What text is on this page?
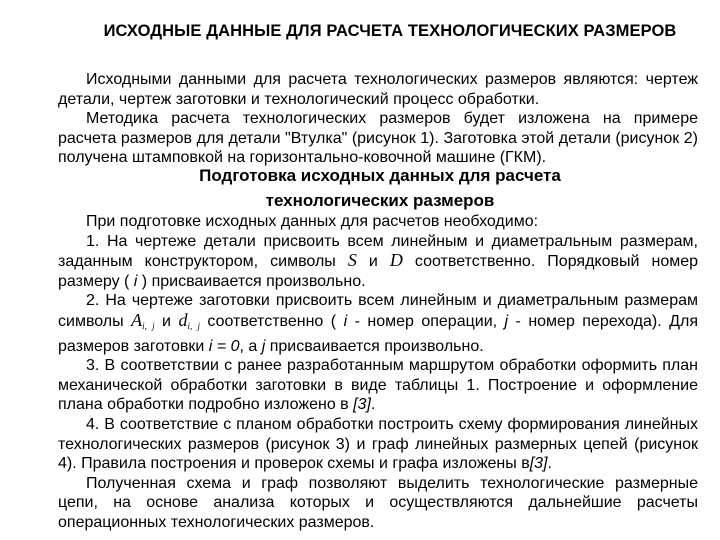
ИСХОДНЫЕ ДАННЫЕ ДЛЯ РАСЧЕТА ТЕХНОЛОГИЧЕСКИХ РАЗМЕРОВ

Исходными данными для расчета технологических размеров являются: чертеж детали, чертеж заготовки и технологический процесс обработки.

Методика расчета технологических размеров будет изложена на примере расчета размеров для детали "Втулка" (рисунок 1). Заготовка этой детали (рисунок 2) получена штамповкой на горизонтально-ковочной машине (ГКМ).

Подготовка исходных данных для расчета технологических размеров

При подготовке исходных данных для расчетов необходимо:

1. На чертеже детали присвоить всем линейным и диаметральным размерам, заданным конструктором, символы S и D соответственно. Порядковый номер размеру ( i ) присваивается произвольно.

2. На чертеже заготовки присвоить всем линейным и диаметральным размерам символы $A_{i, j}$ и $d_{i, j}$ соответственно ( i - номер операции, j - номер перехода). Для размеров заготовки i = 0, а j присваивается произвольно.

3. В соответствии с ранее разработанным маршрутом обработки оформить план механической обработки заготовки в виде таблицы 1. Построение и оформление плана обработки подробно изложено в [3].

4. В соответствие с планом обработки построить схему формирования линейных технологических размеров (рисунок 3) и граф линейных размерных цепей (рисунок 4). Правила построения и проверок схемы и графа изложены в[3].

Полученная схема и граф позволяют выделить технологические размерные цепи, на основе анализа которых и осуществляются дальнейшие расчеты операционных технологических размеров.
